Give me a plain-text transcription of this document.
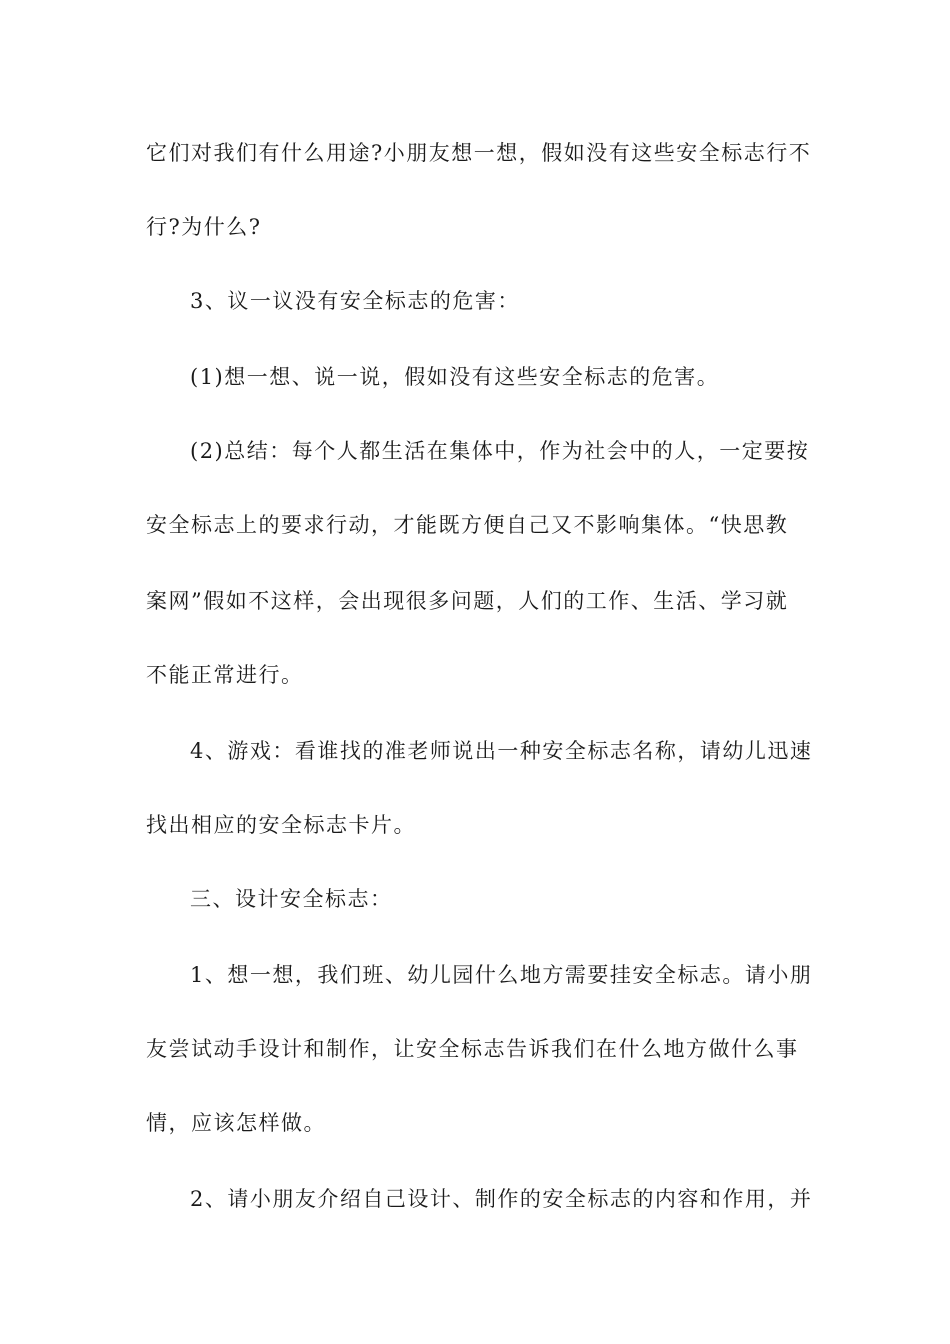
它们对我们有什么用途?小朋友想一想，假如没有这些安全标志行不
行?为什么?
3、议一议没有安全标志的危害：
(1)想一想、说一说，假如没有这些安全标志的危害。
(2)总结：每个人都生活在集体中，作为社会中的人，一定要按
安全标志上的要求行动，才能既方便自己又不影响集体。“快思教
案网”假如不这样，会出现很多问题，人们的工作、生活、学习就
不能正常进行。
4、游戏：看谁找的准老师说出一种安全标志名称，请幼儿迅速
找出相应的安全标志卡片。
三、设计安全标志：
1、想一想，我们班、幼儿园什么地方需要挂安全标志。请小朋
友尝试动手设计和制作，让安全标志告诉我们在什么地方做什么事
情，应该怎样做。
2、请小朋友介绍自己设计、制作的安全标志的内容和作用，并
